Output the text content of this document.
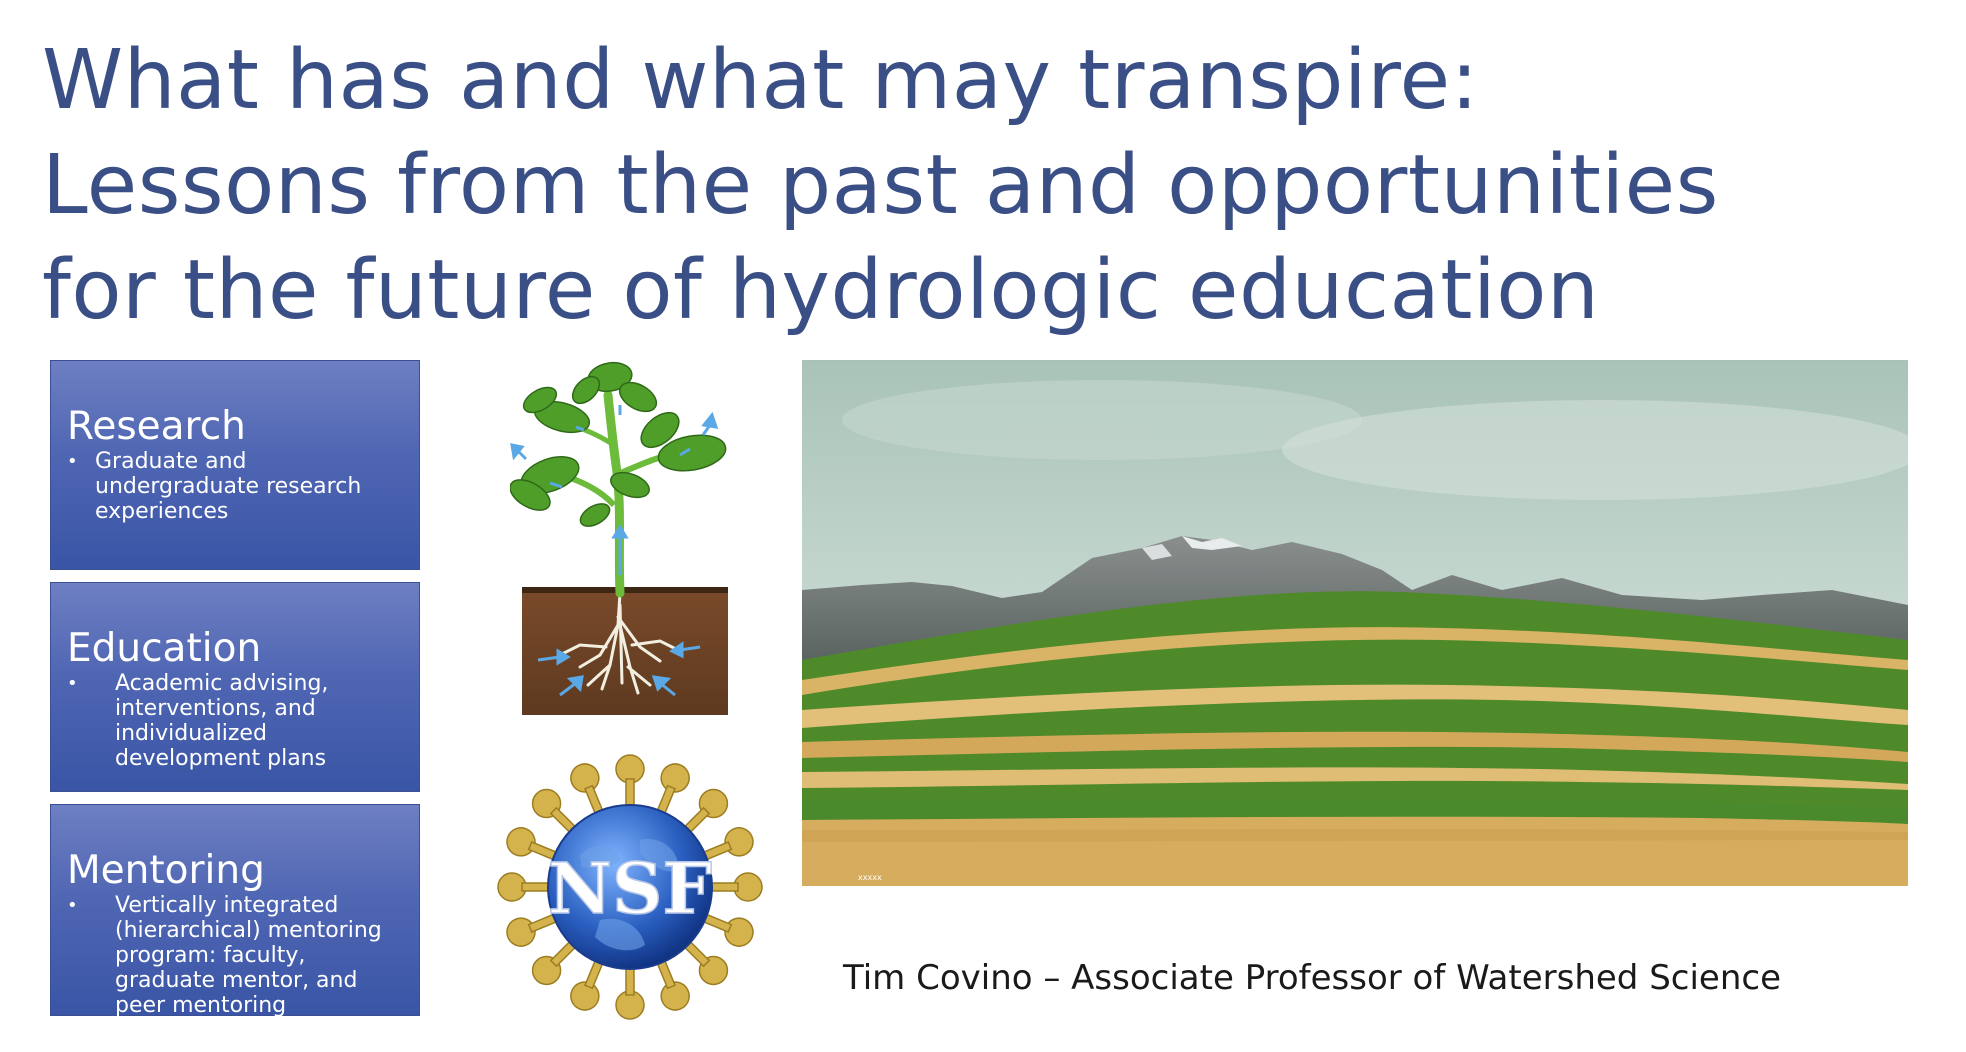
What has and what may transpire:
Lessons from the past and opportunities
for the future of hydrologic education
Research
• Graduate and undergraduate research experiences
Education
• Academic advising, interventions, and individualized development plans
Mentoring
• Vertically integrated (hierarchical) mentoring program: faculty, graduate mentor, and peer mentoring
NSF	xxxxx
Tim Covino – Associate Professor of Watershed Science
